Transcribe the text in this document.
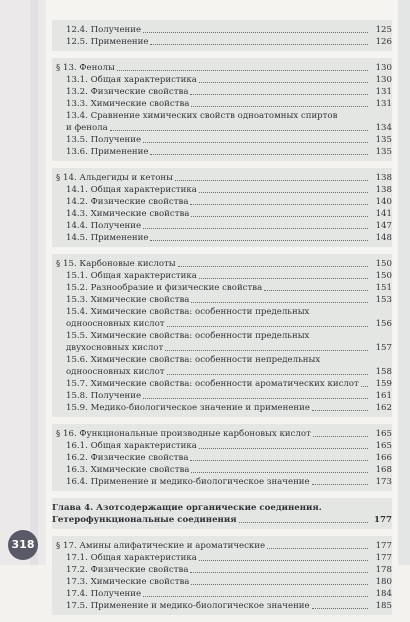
12.4. Получение	125
12.5. Применение	126
§ 13. Фенолы	130
13.1. Общая характеристика	130
13.2. Физические свойства	131
13.3. Химические свойства	131
13.4. Сравнение химических свойств одноатомных спиртов
и фенола	134
13.5. Получение	135
13.6. Применение	135
§ 14. Альдегиды и кетоны	138
14.1. Общая характеристика	138
14.2. Физические свойства	140
14.3. Химические свойства	141
14.4. Получение	147
14.5. Применение	148
§ 15. Карбоновые кислоты	150
15.1. Общая характеристика	150
15.2. Разнообразие и физические свойства	151
15.3. Химические свойства	153
15.4. Химические свойства: особенности предельных
одноосновных кислот	156
15.5. Химические свойства: особенности предельных
двухосновных кислот	157
15.6. Химические свойства: особенности непредельных
одноосновных кислот	158
15.7. Химические свойства: особенности ароматических кислот	159
15.8. Получение	161
15.9. Медико-биологическое значение и применение	162
§ 16. Функциональные производные карбоновых кислот	165
16.1. Общая характеристика	165
16.2. Физические свойства	166
16.3. Химические свойства	168
16.4. Применение и медико-биологическое значение	173
Глава 4. Азотсодержащие органические соединения.
Гетерофункциональные соединения	177
§ 17. Амины алифатические и ароматические	177
17.1. Общая характеристика	177
17.2. Физические свойства	178
17.3. Химические свойства	180
17.4. Получение	184
17.5. Применение и медико-биологическое значение	185
318
